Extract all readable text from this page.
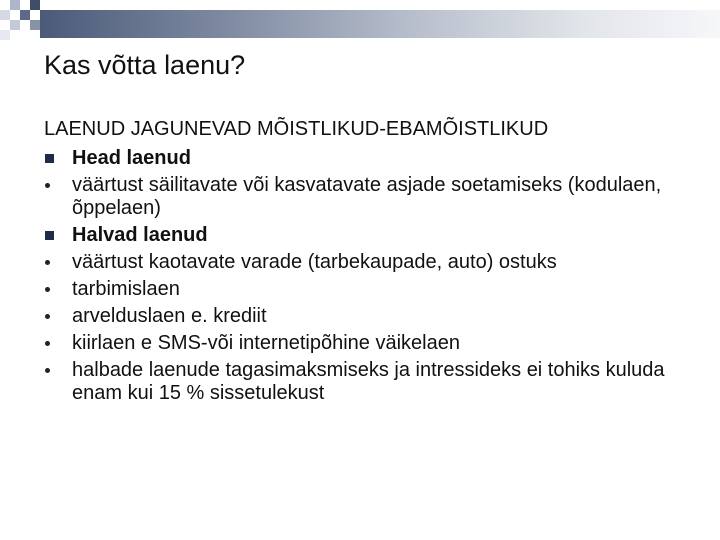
Kas võtta laenu?

LAENUD JAGUNEVAD MÕISTLIKUD-EBAMÕISTLIKUD

Head laenud
väärtust säilitavate või kasvatavate asjade soetamiseks (kodulaen, õppelaen)
Halvad laenud
väärtust kaotavate varade (tarbekaupade, auto) ostuks
tarbimislaen
arvelduslaen e. krediit
kiirlaen e SMS-või internetipõhine väikelaen
halbade laenude tagasimaksmiseks ja intressideks ei tohiks kuluda enam kui 15 % sissetulekust
